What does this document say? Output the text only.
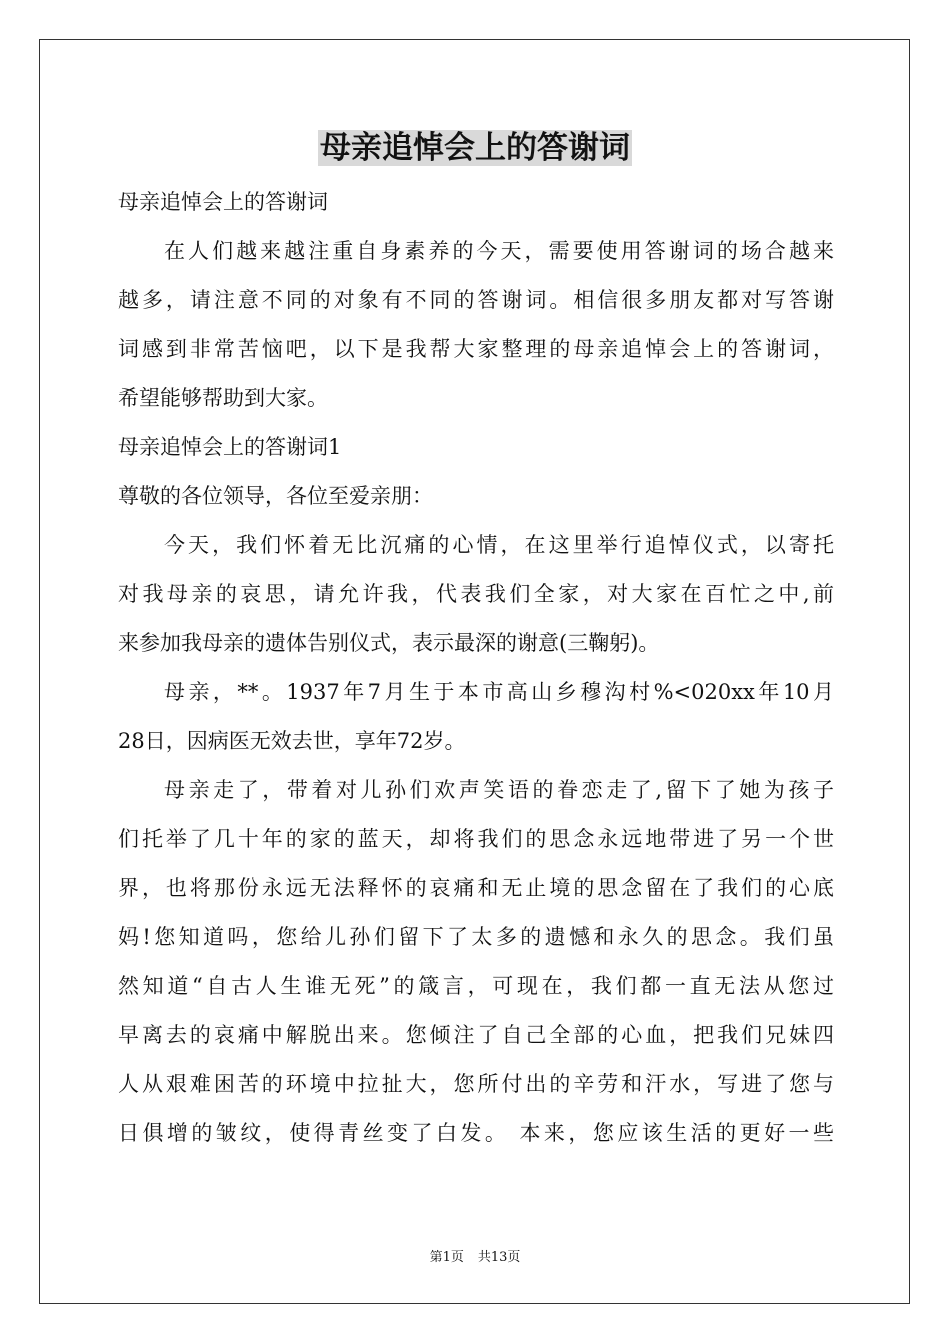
母亲追悼会上的答谢词
母亲追悼会上的答谢词
在人们越来越注重自身素养的今天，需要使用答谢词的场合越来
越多，请注意不同的对象有不同的答谢词。相信很多朋友都对写答谢
词感到非常苦恼吧，以下是我帮大家整理的母亲追悼会上的答谢词，
希望能够帮助到大家。
母亲追悼会上的答谢词1
尊敬的各位领导，各位至爱亲朋：
今天，我们怀着无比沉痛的心情，在这里举行追悼仪式，以寄托
对我母亲的哀思，请允许我，代表我们全家，对大家在百忙之中,前
来参加我母亲的遗体告别仪式，表示最深的谢意(三鞠躬)。
母亲，**。1937年7月生于本市高山乡穆沟村%<020xx年10月
28日，因病医无效去世，享年72岁。
母亲走了，带着对儿孙们欢声笑语的眷恋走了,留下了她为孩子
们托举了几十年的家的蓝天，却将我们的思念永远地带进了另一个世
界，也将那份永远无法释怀的哀痛和无止境的思念留在了我们的心底
妈!您知道吗，您给儿孙们留下了太多的遗憾和永久的思念。我们虽
然知道“自古人生谁无死”的箴言，可现在，我们都一直无法从您过
早离去的哀痛中解脱出来。您倾注了自己全部的心血，把我们兄妹四
人从艰难困苦的环境中拉扯大，您所付出的辛劳和汗水，写进了您与
日俱增的皱纹，使得青丝变了白发。 本来，您应该生活的更好一些
第1页 共13页
